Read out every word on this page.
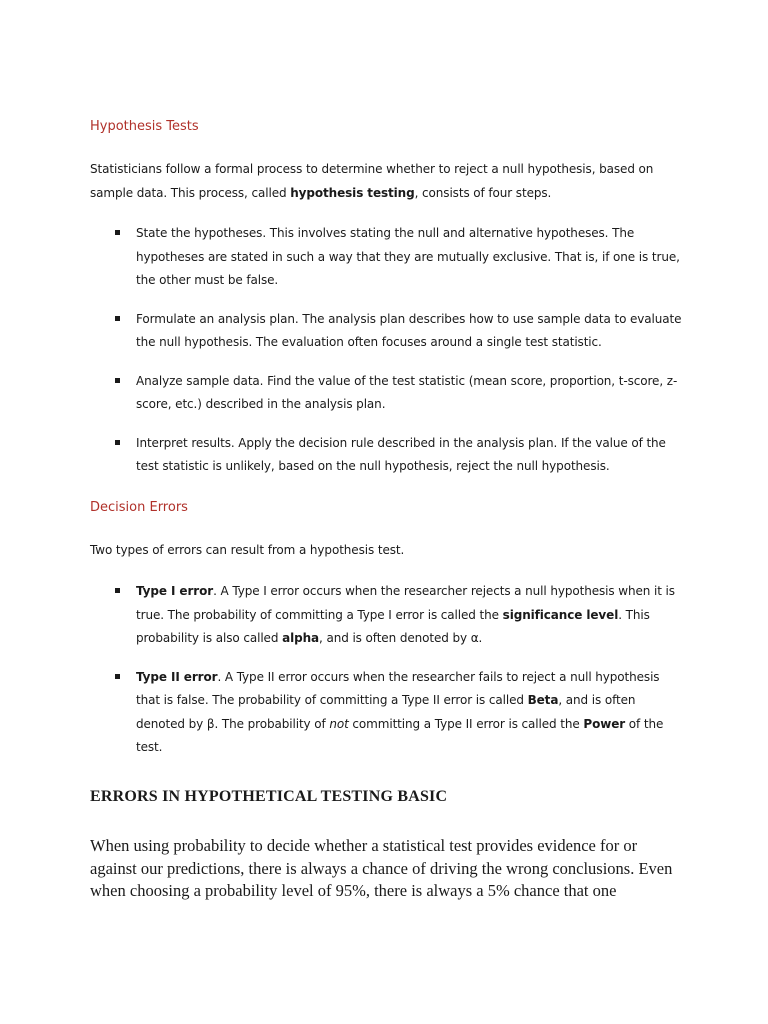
Hypothesis Tests

Statisticians follow a formal process to determine whether to reject a null hypothesis, based on sample data. This process, called hypothesis testing, consists of four steps.

State the hypotheses. This involves stating the null and alternative hypotheses. The hypotheses are stated in such a way that they are mutually exclusive. That is, if one is true, the other must be false.
Formulate an analysis plan. The analysis plan describes how to use sample data to evaluate the null hypothesis. The evaluation often focuses around a single test statistic.
Analyze sample data. Find the value of the test statistic (mean score, proportion, t-score, z-score, etc.) described in the analysis plan.
Interpret results. Apply the decision rule described in the analysis plan. If the value of the test statistic is unlikely, based on the null hypothesis, reject the null hypothesis.
Decision Errors

Two types of errors can result from a hypothesis test.

Type I error. A Type I error occurs when the researcher rejects a null hypothesis when it is true. The probability of committing a Type I error is called the significance level. This probability is also called alpha, and is often denoted by α.
Type II error. A Type II error occurs when the researcher fails to reject a null hypothesis that is false. The probability of committing a Type II error is called Beta, and is often denoted by β. The probability of not committing a Type II error is called the Power of the test.
ERRORS IN HYPOTHETICAL TESTING BASIC

When using probability to decide whether a statistical test provides evidence for or against our predictions, there is always a chance of driving the wrong conclusions. Even when choosing a probability level of 95%, there is always a 5% chance that one
